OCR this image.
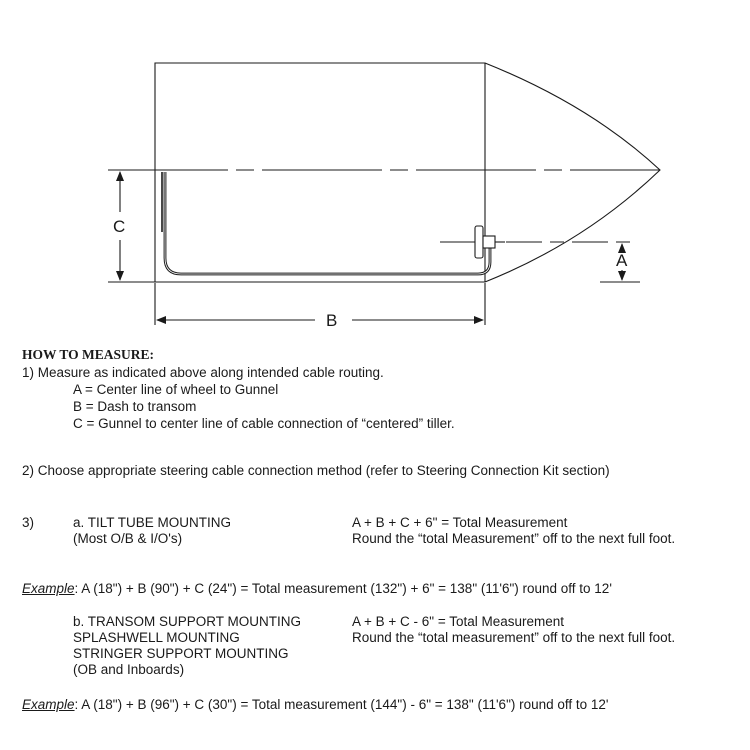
C
A
B
HOW TO MEASURE:
1) Measure as indicated above along intended cable routing.
A = Center line of wheel to Gunnel
B = Dash to transom
C = Gunnel to center line of cable connection of “centered” tiller.
2) Choose appropriate steering cable connection method (refer to Steering Connection Kit section)
3)	a. TILT TUBE MOUNTING
(Most O/B & I/O's)
A + B + C + 6" = Total Measurement
Round the “total Measurement” off to the next full foot.
Example: A (18") + B (90") + C (24") = Total measurement (132") + 6" = 138" (11'6") round off to 12'
b. TRANSOM SUPPORT MOUNTING
SPLASHWELL MOUNTING
STRINGER SUPPORT MOUNTING
(OB and Inboards)
A + B + C - 6" = Total Measurement
Round the “total measurement” off to the next full foot.
Example: A (18") + B (96") + C (30") = Total measurement (144") - 6" = 138" (11'6") round off to 12'
